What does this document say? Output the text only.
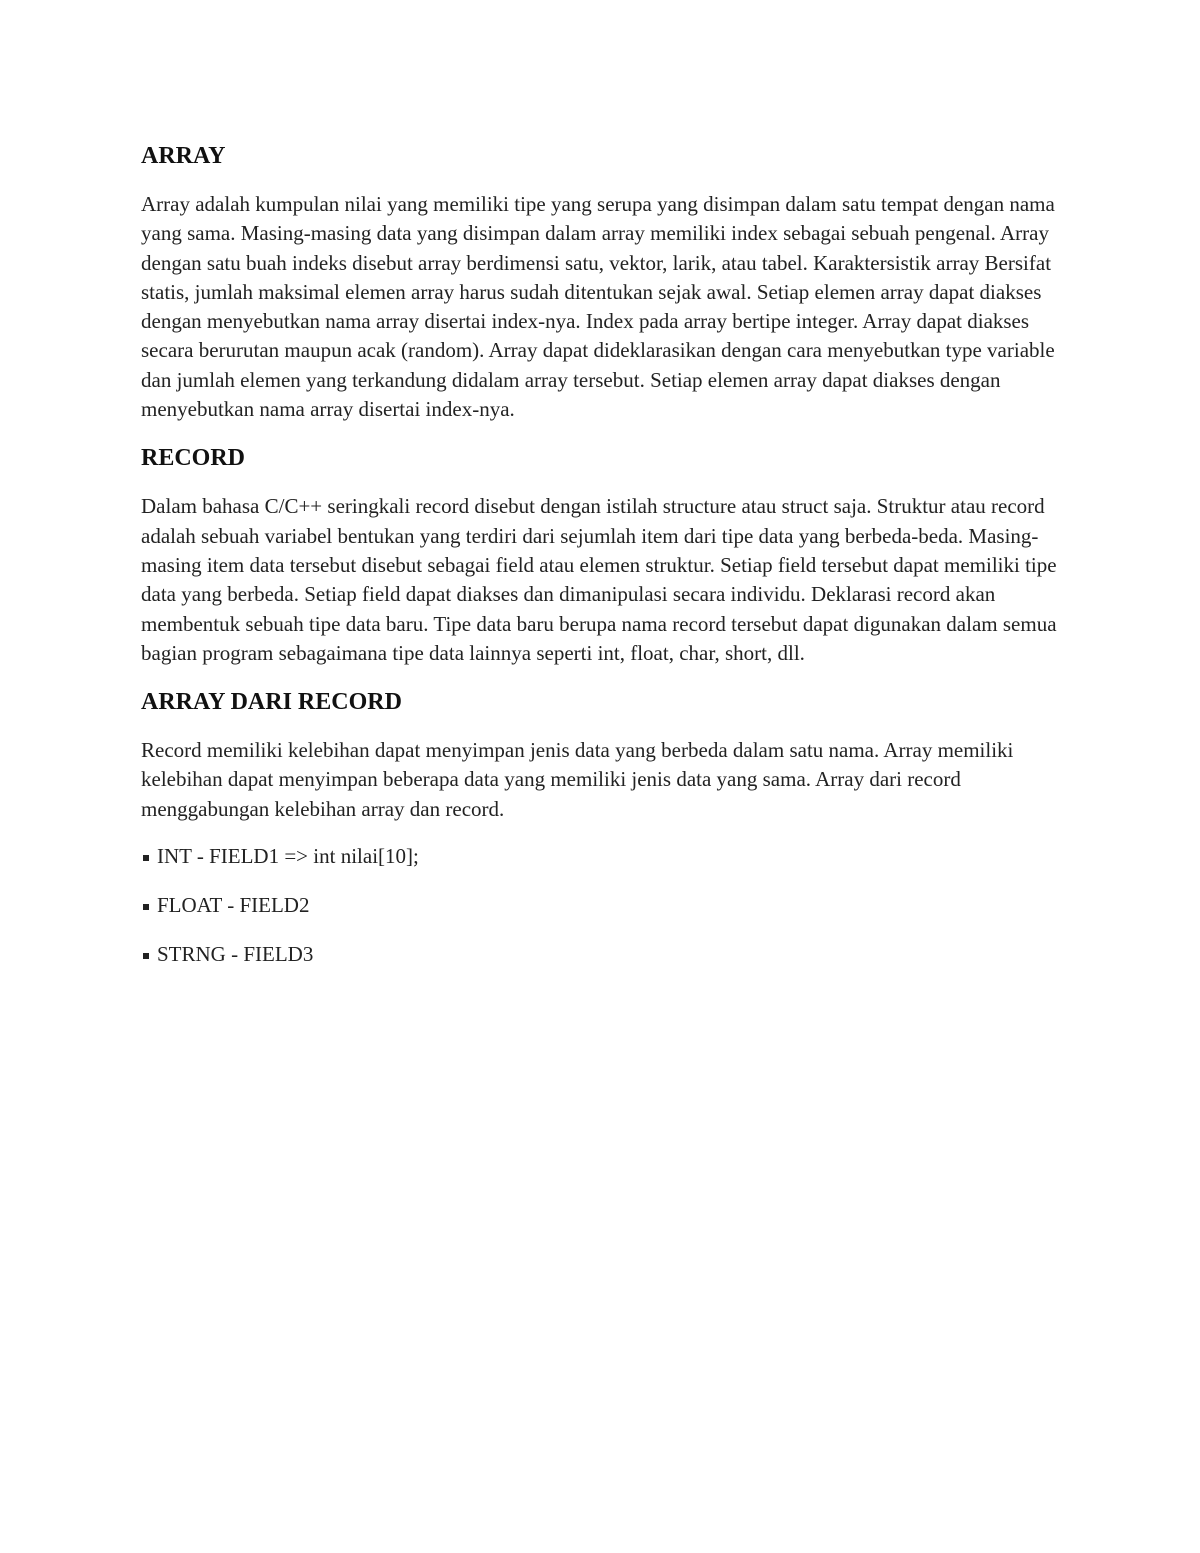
ARRAY

Array adalah kumpulan nilai yang memiliki tipe yang serupa yang disimpan dalam satu tempat dengan nama yang sama. Masing-masing data yang disimpan dalam array memiliki index sebagai sebuah pengenal. Array dengan satu buah indeks disebut array berdimensi satu, vektor, larik, atau tabel. Karaktersistik array Bersifat statis, jumlah maksimal elemen array harus sudah ditentukan sejak awal. Setiap elemen array dapat diakses dengan menyebutkan nama array disertai index-nya. Index pada array bertipe integer. Array dapat diakses secara berurutan maupun acak (random). Array dapat dideklarasikan dengan cara menyebutkan type variable dan jumlah elemen yang terkandung didalam array tersebut. Setiap elemen array dapat diakses dengan menyebutkan nama array disertai index-nya.

RECORD

Dalam bahasa C/C++ seringkali record disebut dengan istilah structure atau struct saja. Struktur atau record adalah sebuah variabel bentukan yang terdiri dari sejumlah item dari tipe data yang berbeda-beda. Masing-masing item data tersebut disebut sebagai field atau elemen struktur. Setiap field tersebut dapat memiliki tipe data yang berbeda. Setiap field dapat diakses dan dimanipulasi secara individu. Deklarasi record akan membentuk sebuah tipe data baru. Tipe data baru berupa nama record tersebut dapat digunakan dalam semua bagian program sebagaimana tipe data lainnya seperti int, float, char, short, dll.

ARRAY DARI RECORD

Record memiliki kelebihan dapat menyimpan jenis data yang berbeda dalam satu nama. Array memiliki kelebihan dapat menyimpan beberapa data yang memiliki jenis data yang sama. Array dari record menggabungan kelebihan array dan record.

INT - FIELD1 => int nilai[10];
FLOAT - FIELD2
STRNG - FIELD3
